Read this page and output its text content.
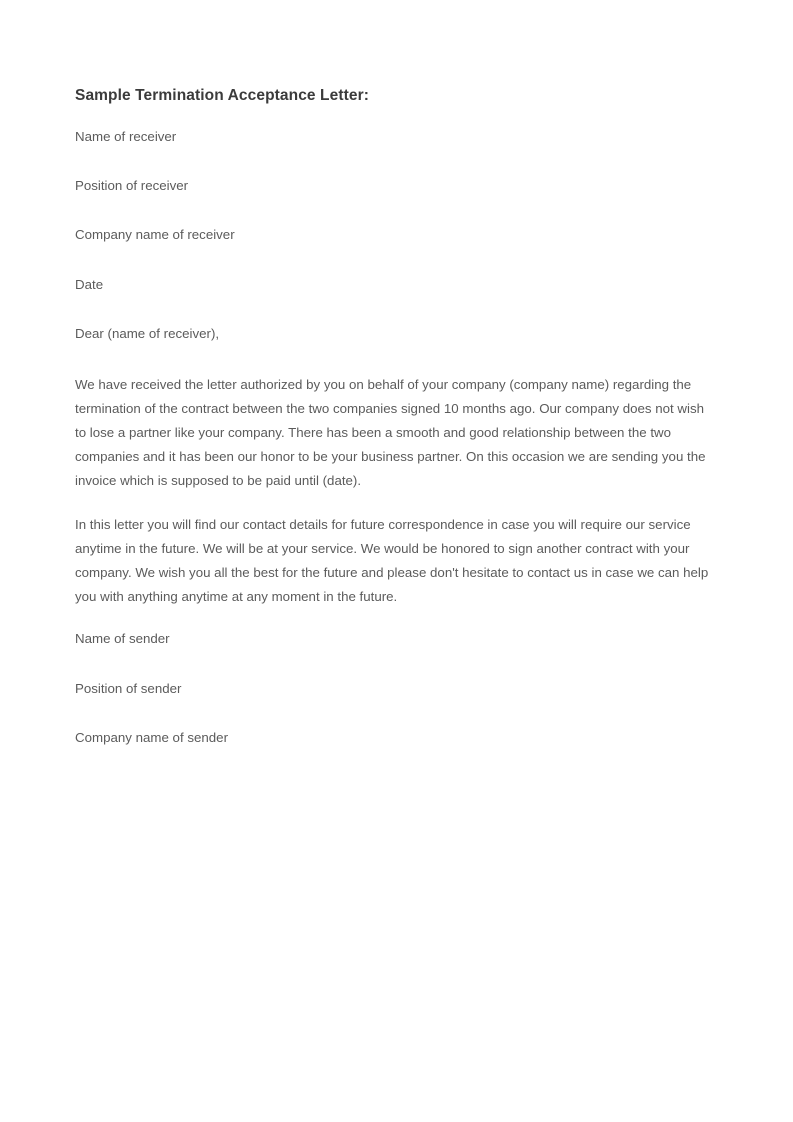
Sample Termination Acceptance Letter:

Name of receiver

Position of receiver

Company name of receiver

Date

Dear (name of receiver),

We have received the letter authorized by you on behalf of your company (company name) regarding the termination of the contract between the two companies signed 10 months ago. Our company does not wish to lose a partner like your company. There has been a smooth and good relationship between the two companies and it has been our honor to be your business partner. On this occasion we are sending you the invoice which is supposed to be paid until (date).

In this letter you will find our contact details for future correspondence in case you will require our service anytime in the future. We will be at your service. We would be honored to sign another contract with your company. We wish you all the best for the future and please don't hesitate to contact us in case we can help you with anything anytime at any moment in the future.

Name of sender

Position of sender

Company name of sender
